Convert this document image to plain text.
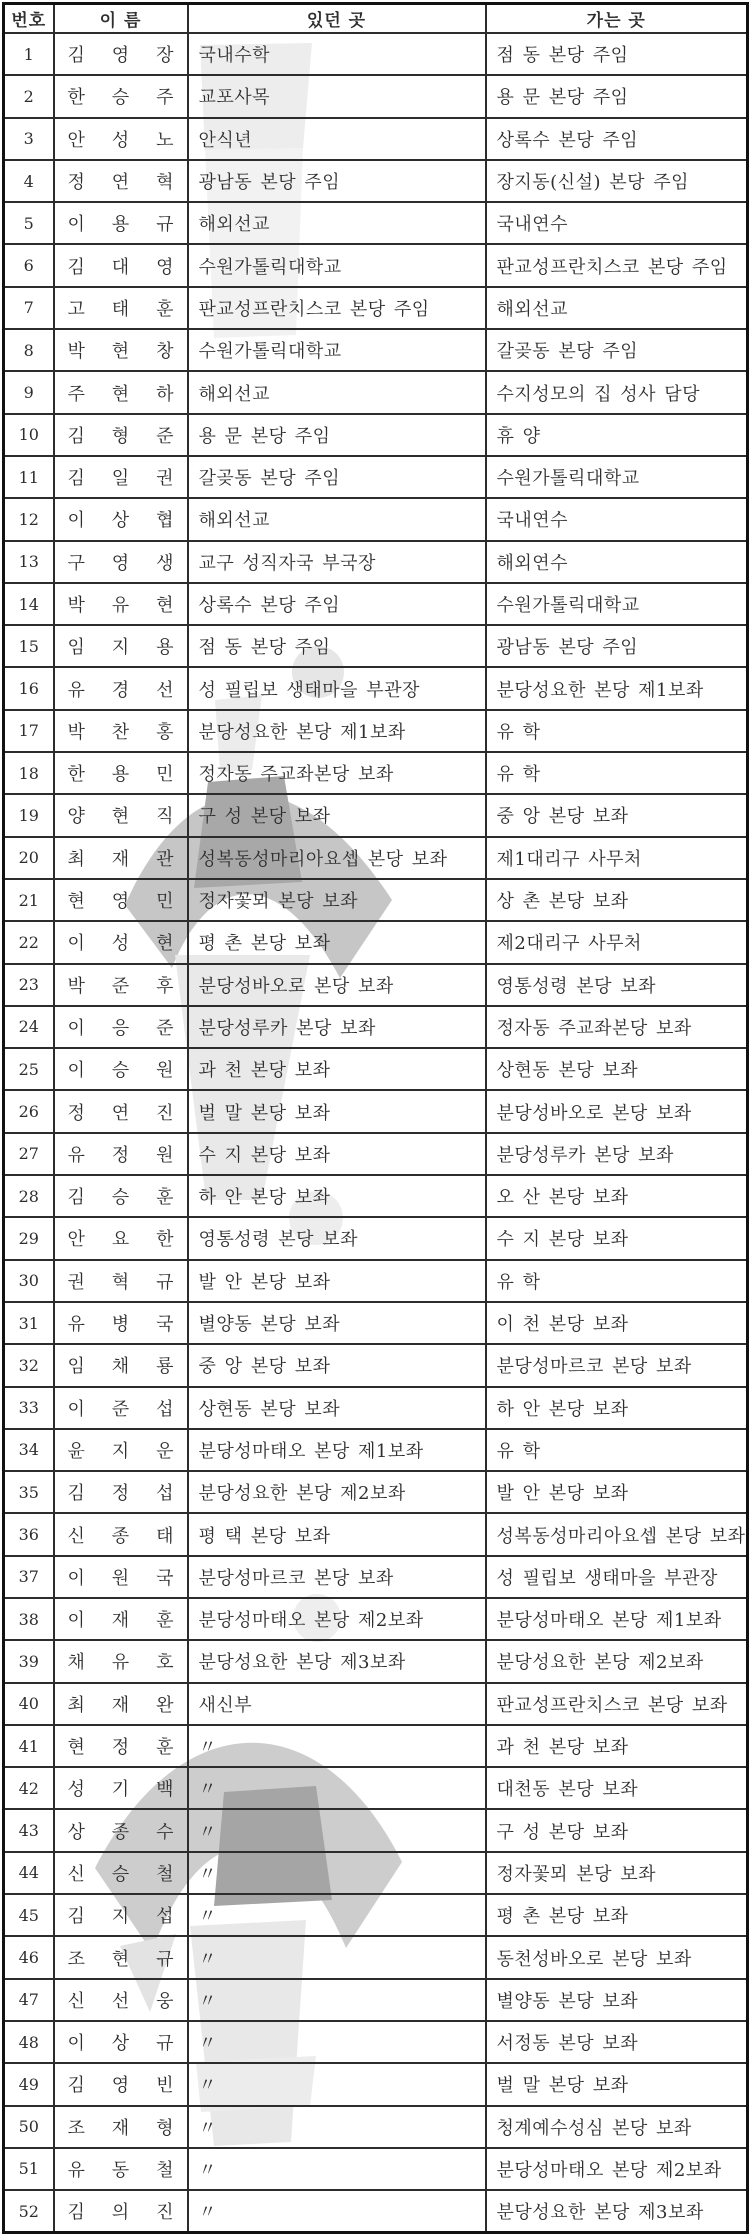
번호	이 름	있던 곳	가는 곳
1	김 영 장	국내수학	점 동 본당 주임
2	한 승 주	교포사목	용 문 본당 주임
3	안 성 노	안식년	상록수 본당 주임
4	정 연 혁	광남동 본당 주임	장지동(신설) 본당 주임
5	이 용 규	해외선교	국내연수
6	김 대 영	수원가톨릭대학교	판교성프란치스코 본당 주임
7	고 태 훈	판교성프란치스코 본당 주임	해외선교
8	박 현 창	수원가톨릭대학교	갈곶동 본당 주임
9	주 현 하	해외선교	수지성모의 집 성사 담당
10	김 형 준	용 문 본당 주임	휴 양
11	김 일 권	갈곶동 본당 주임	수원가톨릭대학교
12	이 상 협	해외선교	국내연수
13	구 영 생	교구 성직자국 부국장	해외연수
14	박 유 현	상록수 본당 주임	수원가톨릭대학교
15	임 지 용	점 동 본당 주임	광남동 본당 주임
16	유 경 선	성 필립보 생태마을 부관장	분당성요한 본당 제1보좌
17	박 찬 홍	분당성요한 본당 제1보좌	유 학
18	한 용 민	정자동 주교좌본당 보좌	유 학
19	양 현 직	구 성 본당 보좌	중 앙 본당 보좌
20	최 재 관	성복동성마리아요셉 본당 보좌	제1대리구 사무처
21	현 영 민	정자꽃뫼 본당 보좌	상 촌 본당 보좌
22	이 성 현	평 촌 본당 보좌	제2대리구 사무처
23	박 준 후	분당성바오로 본당 보좌	영통성령 본당 보좌
24	이 응 준	분당성루카 본당 보좌	정자동 주교좌본당 보좌
25	이 승 원	과 천 본당 보좌	상현동 본당 보좌
26	정 연 진	벌 말 본당 보좌	분당성바오로 본당 보좌
27	유 정 원	수 지 본당 보좌	분당성루카 본당 보좌
28	김 승 훈	하 안 본당 보좌	오 산 본당 보좌
29	안 요 한	영통성령 본당 보좌	수 지 본당 보좌
30	권 혁 규	발 안 본당 보좌	유 학
31	유 병 국	별양동 본당 보좌	이 천 본당 보좌
32	임 채 룡	중 앙 본당 보좌	분당성마르코 본당 보좌
33	이 준 섭	상현동 본당 보좌	하 안 본당 보좌
34	윤 지 운	분당성마태오 본당 제1보좌	유 학
35	김 정 섭	분당성요한 본당 제2보좌	발 안 본당 보좌
36	신 종 태	평 택 본당 보좌	성복동성마리아요셉 본당 보좌
37	이 원 국	분당성마르코 본당 보좌	성 필립보 생태마을 부관장
38	이 재 훈	분당성마태오 본당 제2보좌	분당성마태오 본당 제1보좌
39	채 유 호	분당성요한 본당 제3보좌	분당성요한 본당 제2보좌
40	최 재 완	새신부	판교성프란치스코 본당 보좌
41	현 정 훈	〃	과 천 본당 보좌
42	성 기 백	〃	대천동 본당 보좌
43	상 종 수	〃	구 성 본당 보좌
44	신 승 철	〃	정자꽃뫼 본당 보좌
45	김 지 섭	〃	평 촌 본당 보좌
46	조 현 규	〃	동천성바오로 본당 보좌
47	신 선 웅	〃	별양동 본당 보좌
48	이 상 규	〃	서정동 본당 보좌
49	김 영 빈	〃	벌 말 본당 보좌
50	조 재 형	〃	청계예수성심 본당 보좌
51	유 동 철	〃	분당성마태오 본당 제2보좌
52	김 의 진	〃	분당성요한 본당 제3보좌
